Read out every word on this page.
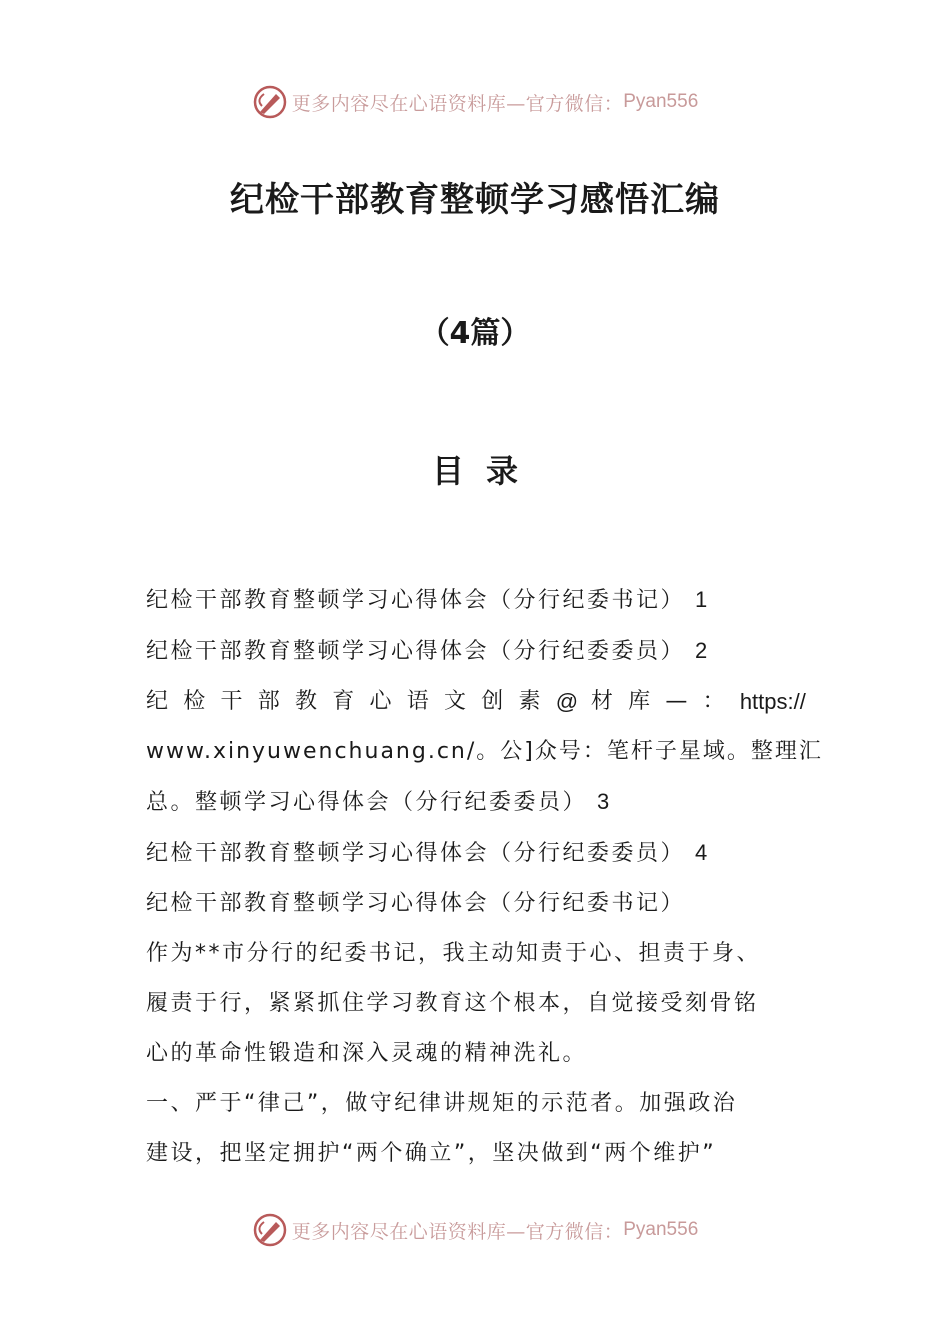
更多内容尽在心语资料库—官方微信： Pyan556
纪检干部教育整顿学习感悟汇编
（4篇）
目录
纪检干部教育整顿学习心得体会（分行纪委书记） 1
纪检干部教育整顿学习心得体会（分行纪委委员） 2
纪 检 干 部 教 育 心 语 文 创 素 @ 材 库 — ： https://
www.xinyuwenchuang.cn/。公]众号：笔杆子星域。整理汇
总。整顿学习心得体会（分行纪委委员） 3
纪检干部教育整顿学习心得体会（分行纪委委员） 4
纪检干部教育整顿学习心得体会（分行纪委书记）
作为**市分行的纪委书记，我主动知责于心、担责于身、
履责于行，紧紧抓住学习教育这个根本，自觉接受刻骨铭
心的革命性锻造和深入灵魂的精神洗礼。
一、严于“律己”，做守纪律讲规矩的示范者。加强政治
建设，把坚定拥护“两个确立”，坚决做到“两个维护”
更多内容尽在心语资料库—官方微信： Pyan556
